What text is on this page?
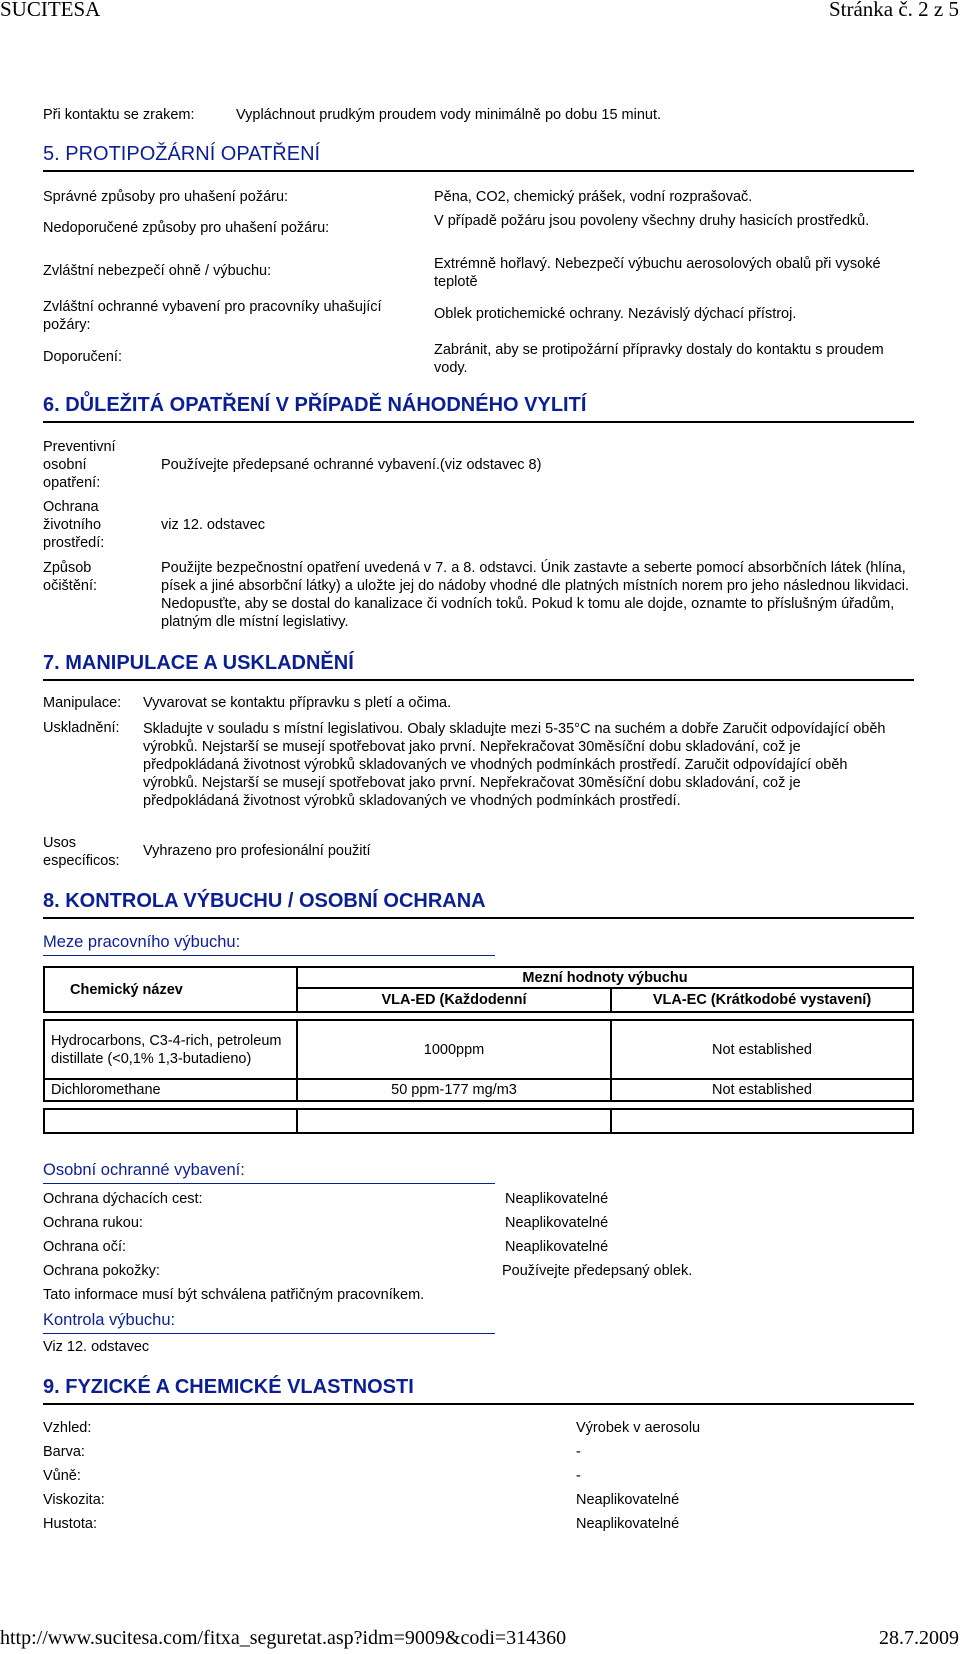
SUCITESA	Stránka č. 2 z 5
Při kontaktu se zrakem:	Vypláchnout prudkým proudem vody minimálně po dobu 15 minut.
5. PROTIPOŽÁRNÍ OPATŘENÍ
Správné způsoby pro uhašení požáru:	Pěna, CO2, chemický prášek, vodní rozprašovač.
Nedoporučené způsoby pro uhašení požáru:	V případě požáru jsou povoleny všechny druhy hasicích prostředků.
Zvláštní nebezpečí ohně / výbuchu:	Extrémně hořlavý. Nebezpečí výbuchu aerosolových obalů při vysoké teplotě
Zvláštní ochranné vybavení pro pracovníky uhašující požáry:
Oblek protichemické ochrany. Nezávislý dýchací přístroj.
Doporučení:	Zabránit, aby se protipožární přípravky dostaly do kontaktu s proudem vody.
6. DŮLEŽITÁ OPATŘENÍ V PŘÍPADĚ NÁHODNÉHO VYLITÍ
Preventivní osobní opatření:
Používejte předepsané ochranné vybavení.(viz odstavec 8)
Ochrana životního prostředí:
viz 12. odstavec
Způsob očištění:
Použijte bezpečnostní opatření uvedená v 7. a 8. odstavci. Únik zastavte a seberte pomocí absorbčních látek (hlína, písek a jiné absorbční látky) a uložte jej do nádoby vhodné dle platných místních norem pro jeho následnou likvidaci. Nedopusťte, aby se dostal do kanalizace či vodních toků. Pokud k tomu ale dojde, oznamte to příslušným úřadům, platným dle místní legislativy.
7. MANIPULACE A USKLADNĚNÍ
Manipulace: Vyvarovat se kontaktu přípravku s pletí a očima.
Uskladnění: Skladujte v souladu s místní legislativou. Obaly skladujte mezi 5-35°C na suchém a dobře Zaručit odpovídající oběh výrobků. Nejstarší se musejí spotřebovat jako první. Nepřekračovat 30měsíční dobu skladování, což je předpokládaná životnost výrobků skladovaných ve vhodných podmínkách prostředí. Zaručit odpovídající oběh výrobků. Nejstarší se musejí spotřebovat jako první. Nepřekračovat 30měsíční dobu skladování, což je předpokládaná životnost výrobků skladovaných ve vhodných podmínkách prostředí.
Usos específicos:
Vyhrazeno pro profesionální použití
8. KONTROLA VÝBUCHU / OSOBNÍ OCHRANA
Meze pracovního výbuchu:
Chemický název	Mezní hodnoty výbuchu	
	VLA-ED (Každodenní	VLA-EC (Krátkodobé vystavení)

Hydrocarbons, C3-4-rich, petroleum distillate (<0,1% 1,3-butadieno)	1000ppm	Not established
Dichloromethane	50 ppm-177 mg/m3	Not established

Osobní ochranné vybavení:
Ochrana dýchacích cest:	Neaplikovatelné
Ochrana rukou:	Neaplikovatelné
Ochrana očí:	Neaplikovatelné
Ochrana pokožky:	Používejte předepsaný oblek.
Tato informace musí být schválena patřičným pracovníkem.
Kontrola výbuchu:
Viz 12. odstavec
9. FYZICKÉ A CHEMICKÉ VLASTNOSTI
Vzhled:	Výrobek v aerosolu
Barva:	-
Vůně:	-
Viskozita:	Neaplikovatelné
Hustota:	Neaplikovatelné
http://www.sucitesa.com/fitxa_seguretat.asp?idm=9009&codi=314360	28.7.2009
